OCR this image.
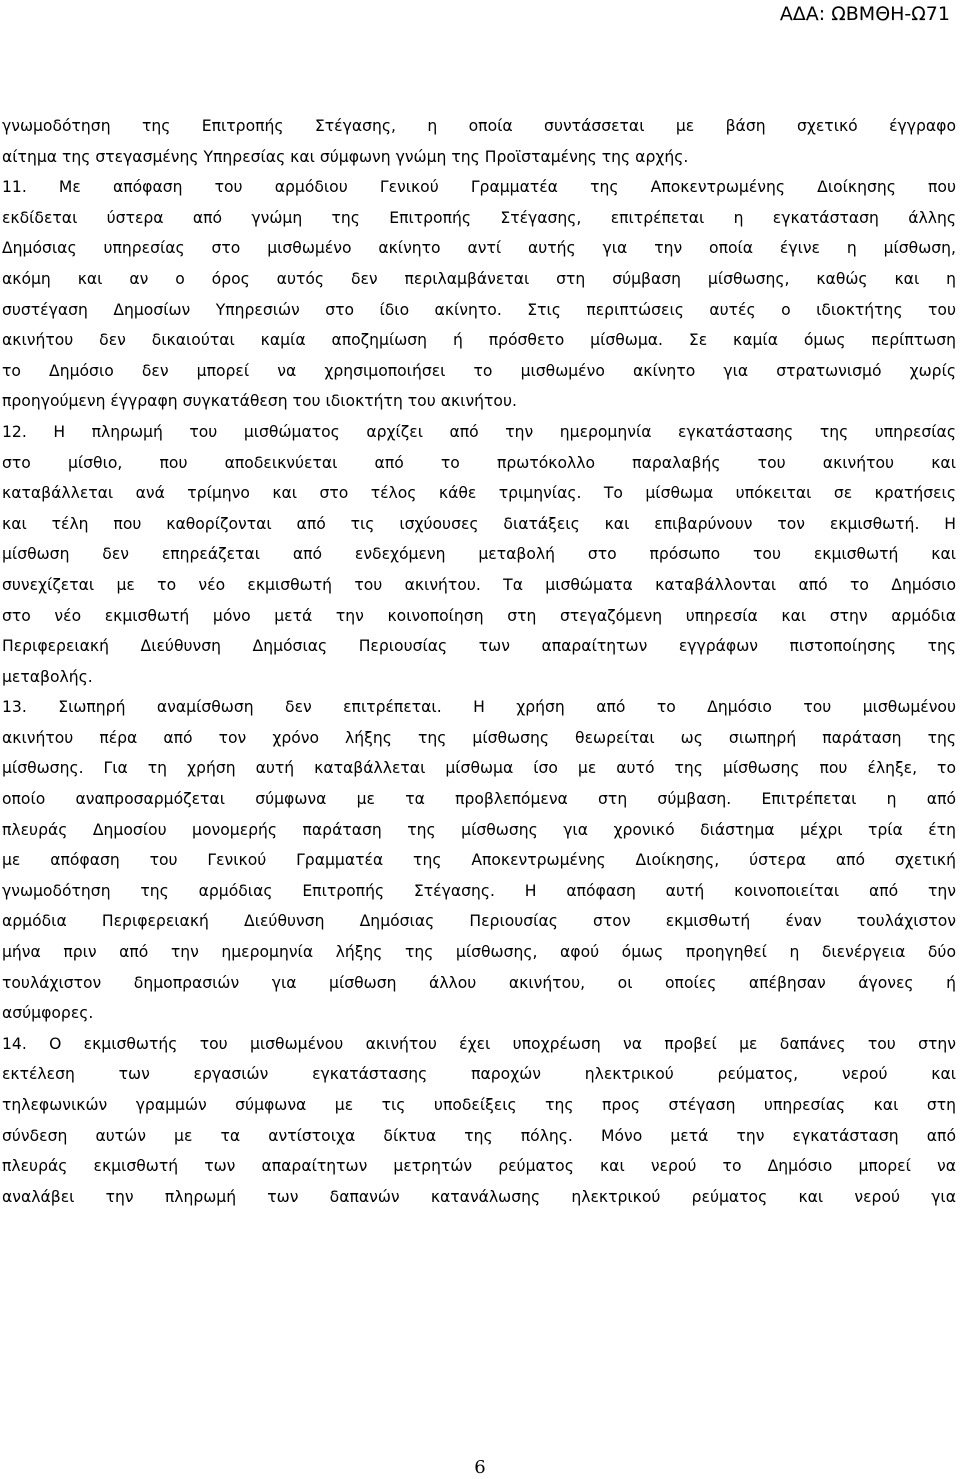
ΑΔΑ: ΩΒΜΘΗ-Ω71
γνωμοδότηση της Επιτροπής Στέγασης, η οποία συντάσσεται με βάση σχετικό έγγραφο
αίτημα της στεγασμένης Υπηρεσίας και σύμφωνη γνώμη της Προϊσταμένης της αρχής.
11. Με απόφαση του αρμόδιου Γενικού Γραμματέα της Αποκεντρωμένης Διοίκησης που
εκδίδεται ύστερα από γνώμη της Επιτροπής Στέγασης, επιτρέπεται η εγκατάσταση άλλης
Δημόσιας υπηρεσίας στο μισθωμένο ακίνητο αντί αυτής για την οποία έγινε η μίσθωση,
ακόμη και αν ο όρος αυτός δεν περιλαμβάνεται στη σύμβαση μίσθωσης, καθώς και η
συστέγαση Δημοσίων Υπηρεσιών στο ίδιο ακίνητο. Στις περιπτώσεις αυτές ο ιδιοκτήτης του
ακινήτου δεν δικαιούται καμία αποζημίωση ή πρόσθετο μίσθωμα. Σε καμία όμως περίπτωση
το Δημόσιο δεν μπορεί να χρησιμοποιήσει το μισθωμένο ακίνητο για στρατωνισμό χωρίς
προηγούμενη έγγραφη συγκατάθεση του ιδιοκτήτη του ακινήτου.
12. Η πληρωμή του μισθώματος αρχίζει από την ημερομηνία εγκατάστασης της υπηρεσίας
στο μίσθιο, που αποδεικνύεται από το πρωτόκολλο παραλαβής του ακινήτου και
καταβάλλεται ανά τρίμηνο και στο τέλος κάθε τριμηνίας. Το μίσθωμα υπόκειται σε κρατήσεις
και τέλη που καθορίζονται από τις ισχύουσες διατάξεις και επιβαρύνουν τον εκμισθωτή. Η
μίσθωση δεν επηρεάζεται από ενδεχόμενη μεταβολή στο πρόσωπο του εκμισθωτή και
συνεχίζεται με το νέο εκμισθωτή του ακινήτου. Τα μισθώματα καταβάλλονται από το Δημόσιο
στο νέο εκμισθωτή μόνο μετά την κοινοποίηση στη στεγαζόμενη υπηρεσία και στην αρμόδια
Περιφερειακή Διεύθυνση Δημόσιας Περιουσίας των απαραίτητων εγγράφων πιστοποίησης της
μεταβολής.
13. Σιωπηρή αναμίσθωση δεν επιτρέπεται. Η χρήση από το Δημόσιο του μισθωμένου
ακινήτου πέρα από τον χρόνο λήξης της μίσθωσης θεωρείται ως σιωπηρή παράταση της
μίσθωσης. Για τη χρήση αυτή καταβάλλεται μίσθωμα ίσο με αυτό της μίσθωσης που έληξε, το
οποίο αναπροσαρμόζεται σύμφωνα με τα προβλεπόμενα στη σύμβαση. Επιτρέπεται η από
πλευράς Δημοσίου μονομερής παράταση της μίσθωσης για χρονικό διάστημα μέχρι τρία έτη
με απόφαση του Γενικού Γραμματέα της Αποκεντρωμένης Διοίκησης, ύστερα από σχετική
γνωμοδότηση της αρμόδιας Επιτροπής Στέγασης. Η απόφαση αυτή κοινοποιείται από την
αρμόδια Περιφερειακή Διεύθυνση Δημόσιας Περιουσίας στον εκμισθωτή έναν τουλάχιστον
μήνα πριν από την ημερομηνία λήξης της μίσθωσης, αφού όμως προηγηθεί η διενέργεια δύο
τουλάχιστον δημοπρασιών για μίσθωση άλλου ακινήτου, οι οποίες απέβησαν άγονες ή
ασύμφορες.
14. Ο εκμισθωτής του μισθωμένου ακινήτου έχει υποχρέωση να προβεί με δαπάνες του στην
εκτέλεση των εργασιών εγκατάστασης παροχών ηλεκτρικού ρεύματος, νερού και
τηλεφωνικών γραμμών σύμφωνα με τις υποδείξεις της προς στέγαση υπηρεσίας και στη
σύνδεση αυτών με τα αντίστοιχα δίκτυα της πόλης. Μόνο μετά την εγκατάσταση από
πλευράς εκμισθωτή των απαραίτητων μετρητών ρεύματος και νερού το Δημόσιο μπορεί να
αναλάβει την πληρωμή των δαπανών κατανάλωσης ηλεκτρικού ρεύματος και νερού για
6
